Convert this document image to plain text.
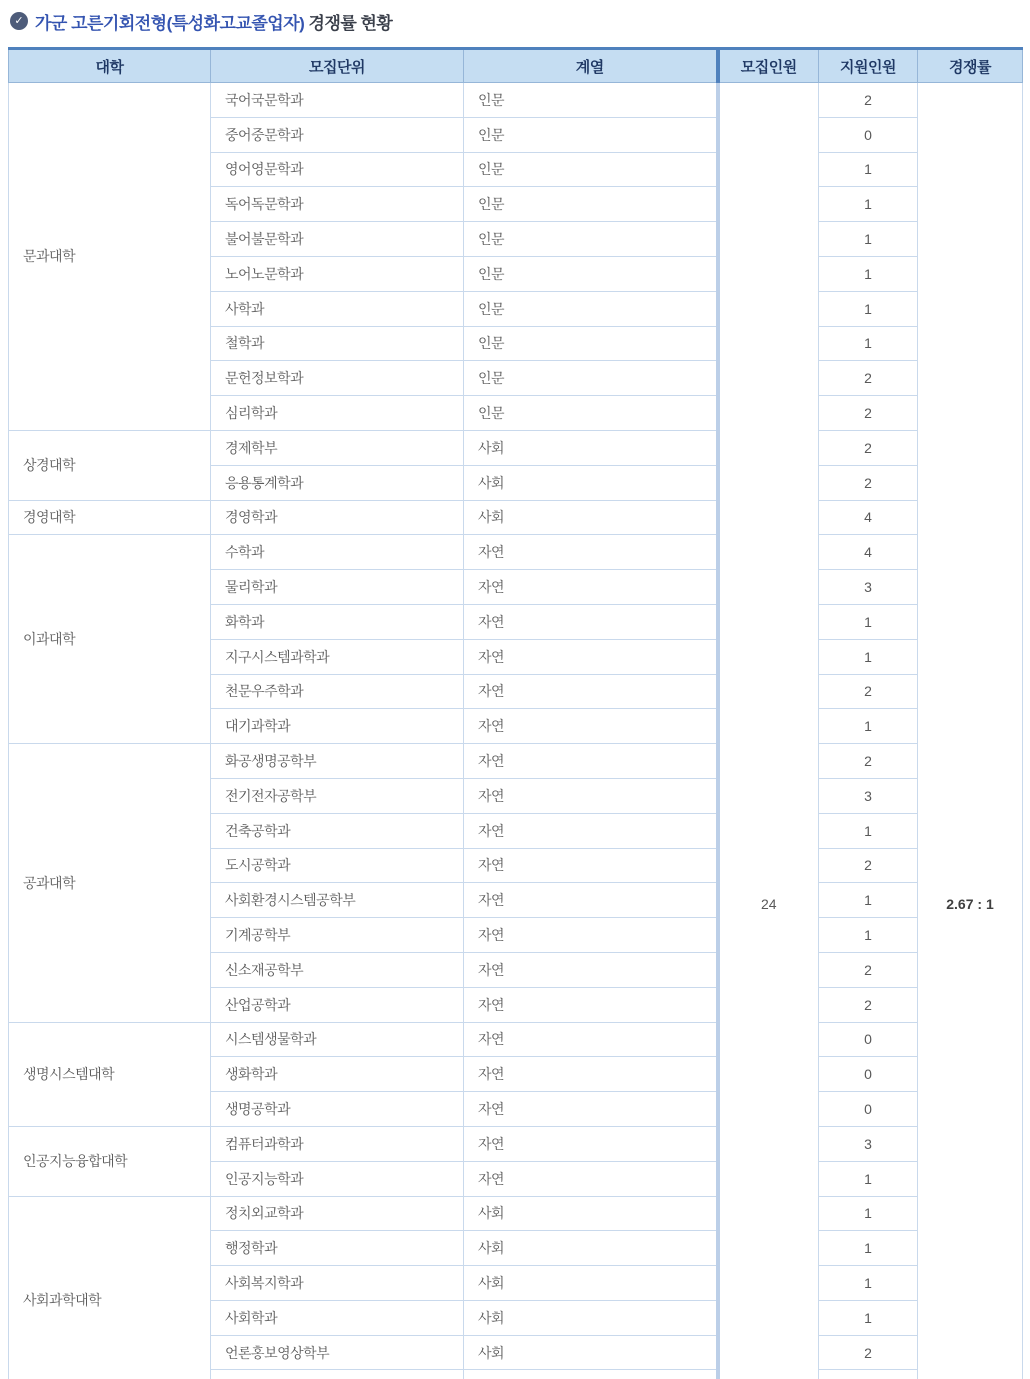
✓ 가군 고른기회전형(특성화고교졸업자) 경쟁률 현황
대학	모집단위	계열	모집인원	지원인원	경쟁률
문과대학	국어국문학과	인문	24	2	2.67 : 1

	중어중문학과	인문		0	
	영어영문학과	인문		1	
	독어독문학과	인문		1	
	불어불문학과	인문		1	
	노어노문학과	인문		1	
	사학과	인문		1	
	철학과	인문		1	
	문헌정보학과	인문		2	
	심리학과	인문		2	
상경대학	경제학부	사회		2	
	응용통계학과	사회		2	
경영대학	경영학과	사회		4	
이과대학	수학과	자연		4	
	물리학과	자연		3	
	화학과	자연		1	
	지구시스템과학과	자연		1	
	천문우주학과	자연		2	
	대기과학과	자연		1	
공과대학	화공생명공학부	자연		2	
	전기전자공학부	자연		3	
	건축공학과	자연		1	
	도시공학과	자연		2	
	사회환경시스템공학부	자연		1	
	기계공학부	자연		1	
	신소재공학부	자연		2	
	산업공학과	자연		2	
생명시스템대학	시스템생물학과	자연		0	
	생화학과	자연		0	
	생명공학과	자연		0	
인공지능융합대학	컴퓨터과학과	자연		3	
	인공지능학과	자연		1	
사회과학대학	정치외교학과	사회		1	
	행정학과	사회		1	
	사회복지학과	사회		1	
	사회학과	사회		1	
	언론홍보영상학부	사회		2	
